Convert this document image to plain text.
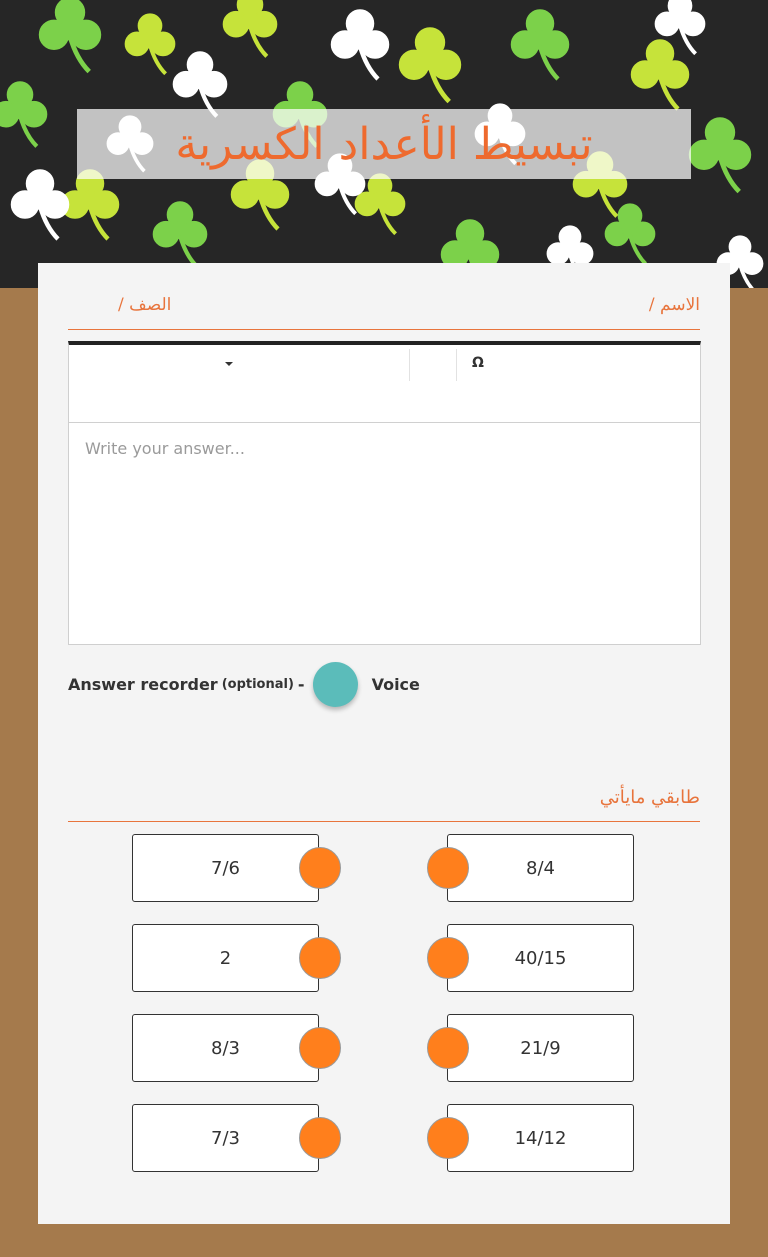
تبسيط الأعداد الكسرية
الاسم /
الصف /
Ω
Write your answer...
Answer recorder (optional) -	Voice
طابقي مايأتي
7/6
2
8/3
7/3
8/4
40/15
21/9
14/12
